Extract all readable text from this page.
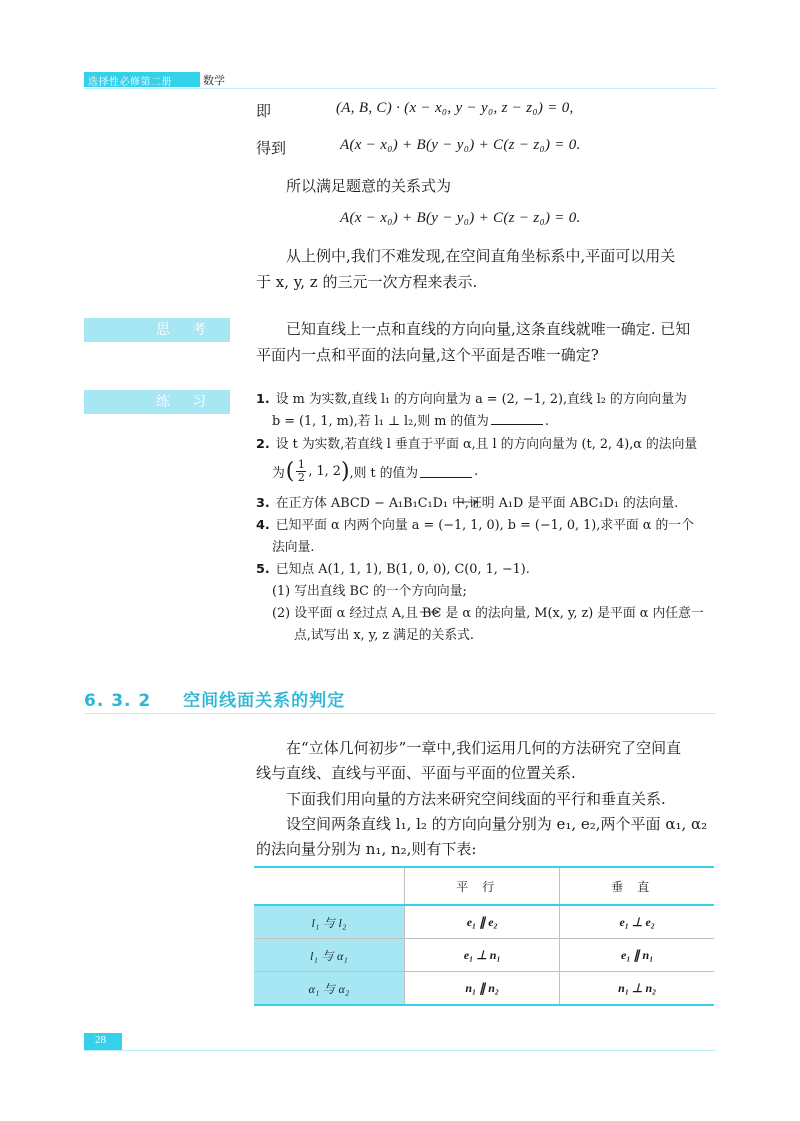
选择性必修第二册	数学
即	(A, B, C) · (x − x₀, y − y₀, z − z₀) = 0,
得到	A(x − x₀) + B(y − y₀) + C(z − z₀) = 0.
所以满足题意的关系式为
A(x − x₀) + B(y − y₀) + C(z − z₀) = 0.
从上例中,我们不难发现,在空间直角坐标系中,平面可以用关
于 x, y, z 的三元一次方程来表示.
思考	已知直线上一点和直线的方向向量,这条直线就唯一确定. 已知
平面内一点和平面的法向量,这个平面是否唯一确定?
练习 1. 设 m 为实数,直线 l₁ 的方向向量为 a = (2, −1, 2),直线 l₂ 的方向向量为
b = (1, 1, m),若 l₁ ⊥ l₂,则 m 的值为	.
2. 设 t 为实数,若直线 l 垂直于平面 α,且 l 的方向向量为 (t, 2, 4),α 的法向量
为 ( 1
2 , 1, 2 ) ,则 t 的值为	.
3. 在正方体 ABCD − A₁B₁C₁D₁ 中,证明 A₁D 是平面 ABC₁D₁ 的法向量.
4. 已知平面 α 内两个向量 a = (−1, 1, 0), b = (−1, 0, 1),求平面 α 的一个
法向量.
5. 已知点 A(1, 1, 1), B(1, 0, 0), C(0, 1, −1).
(1) 写出直线 BC 的一个方向向量;
(2) 设平面 α 经过点 A,且 BC 是 α 的法向量, M(x, y, z) 是平面 α 内任意一
点,试写出 x, y, z 满足的关系式.
6. 3. 2 空间线面关系的判定
在“立体几何初步”一章中,我们运用几何的方法研究了空间直
线与直线、直线与平面、平面与平面的位置关系.
下面我们用向量的方法来研究空间线面的平行和垂直关系.
设空间两条直线 l₁, l₂ 的方向向量分别为 e₁, e₂,两个平面 α₁, α₂
的法向量分别为 n₁, n₂,则有下表:
	平行	垂直
l₁ 与 l₂	e₁ ∥ e₂	e₁ ⊥ e₂
l₁ 与 α₁	e₁ ⊥ n₁	e₁ ∥ n₁
α₁ 与 α₂	n₁ ∥ n₂	n₁ ⊥ n₂
28
